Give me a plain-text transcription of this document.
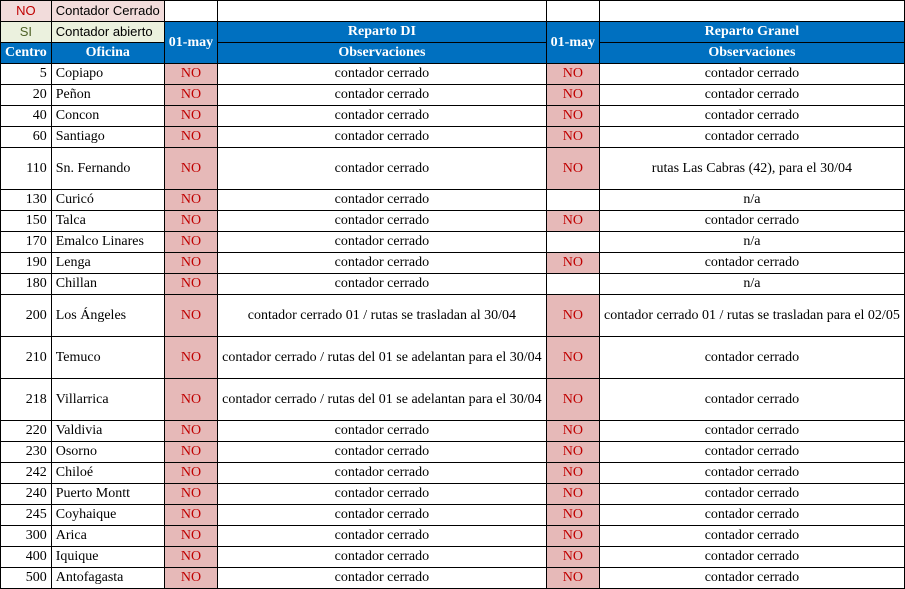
NO	Contador Cerrado				
SI	Contador abierto	01-may	Reparto DI	01-may	Reparto Granel
Centro	Oficina		Observaciones		Observaciones
5	Copiapo	NO	contador cerrado	NO	contador cerrado
20	Peñon	NO	contador cerrado	NO	contador cerrado
40	Concon	NO	contador cerrado	NO	contador cerrado
60	Santiago	NO	contador cerrado	NO	contador cerrado
110	Sn. Fernando	NO	contador cerrado	NO	rutas Las Cabras (42), para el 30/04
130	Curicó	NO	contador cerrado		n/a
150	Talca	NO	contador cerrado	NO	contador cerrado
170	Emalco Linares	NO	contador cerrado		n/a
190	Lenga	NO	contador cerrado	NO	contador cerrado
180	Chillan	NO	contador cerrado		n/a
200	Los Ángeles	NO	contador cerrado 01 / rutas se trasladan al 30/04	NO	contador cerrado 01 / rutas se trasladan para el 02/05
210	Temuco	NO	contador cerrado / rutas del 01 se adelantan para el 30/04	NO	contador cerrado
218	Villarrica	NO	contador cerrado / rutas del 01 se adelantan para el 30/04	NO	contador cerrado
220	Valdivia	NO	contador cerrado	NO	contador cerrado
230	Osorno	NO	contador cerrado	NO	contador cerrado
242	Chiloé	NO	contador cerrado	NO	contador cerrado
240	Puerto Montt	NO	contador cerrado	NO	contador cerrado
245	Coyhaique	NO	contador cerrado	NO	contador cerrado
300	Arica	NO	contador cerrado	NO	contador cerrado
400	Iquique	NO	contador cerrado	NO	contador cerrado
500	Antofagasta	NO	contador cerrado	NO	contador cerrado
